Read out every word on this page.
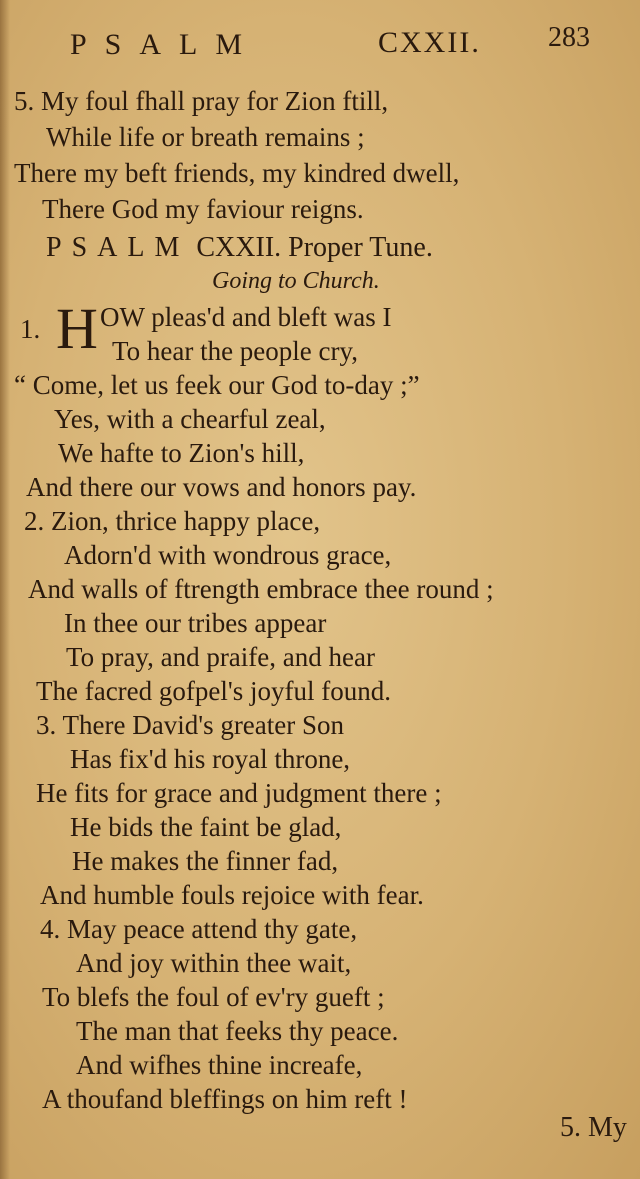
PSALM	CXXII. 283
5. My foul fhall pray for Zion ftill,
While life or breath remains ;
There my beft friends, my kindred dwell,
There God my faviour reigns.
PSALM CXXII. Proper Tune.
Going to Church.
1. H OW pleas'd and bleft was I
To hear the people cry,
“ Come, let us feek our God to-day ;”
Yes, with a chearful zeal,
We hafte to Zion's hill,
And there our vows and honors pay.
2. Zion, thrice happy place,
Adorn'd with wondrous grace,
And walls of ftrength embrace thee round ;
In thee our tribes appear
To pray, and praife, and hear
The facred gofpel's joyful found.
3. There David's greater Son
Has fix'd his royal throne,
He fits for grace and judgment there ;
He bids the faint be glad,
He makes the finner fad,
And humble fouls rejoice with fear.
4. May peace attend thy gate,
And joy within thee wait,
To blefs the foul of ev'ry gueft ;
The man that feeks thy peace.
And wifhes thine increafe,
A thoufand bleffings on him reft !
5. My
